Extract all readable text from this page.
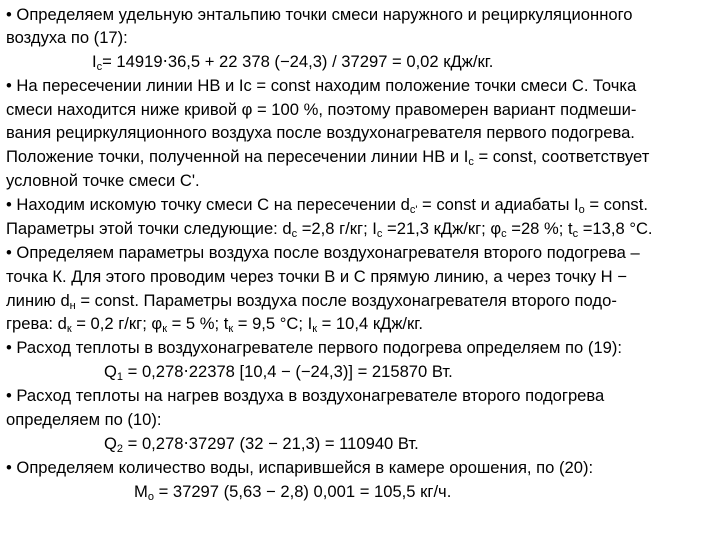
• Определяем удельную энтальпию точки смеси наружного и рециркуляционного
воздуха по (17):
$I_c= 14919\cdot 36,5 + 22$ 378 (−24,3) / 37297 = 0,02 кДж/кг.
• На пересечении линии НВ и Ic = const находим положение точки смеси С. Точка
смеси находится ниже кривой φ = 100 %, поэтому правомерен вариант подмеши-
вания рециркуляционного воздуха после воздухонагревателя первого подогрева.
Положение точки, полученной на пересечении линии НВ и $I_с$ = const, соответствует
условной точке смеси С'.
• Находим искомую точку смеси С на пересечении $d_{c'}$ = const и адиабаты $I_о$ = const.
Параметры этой точки следующие: $d_c =2,8$ г/кг; $I_c =21,3$ кДж/кг; $\varphi_c =28$ %; $t_c =13,8$ °С.
• Определяем параметры воздуха после воздухонагревателя второго подогрева –
точка К. Для этого проводим через точки В и С прямую линию, а через точку Н −
линию $d_н$ = const. Параметры воздуха после воздухонагревателя второго подо-
грева: $d_к = 0,2$ г/кг; $\varphi_к = 5$ %; $t_к = 9,5$ °С; $I_к = 10,4$ кДж/кг.
• Расход теплоты в воздухонагревателе первого подогрева определяем по (19):
$Q_1 = 0,278\cdot 22378$ [10,4 − (−24,3)] = 215870 Вт.
• Расход теплоты на нагрев воздуха в воздухонагревателе второго подогрева
определяем по (10):
$Q_2 = 0,278\cdot 37297$ (32 − 21,3) = 110940 Вт.
• Определяем количество воды, испарившейся в камере орошения, по (20):
$M_o = 37297$ (5,63 − 2,8) 0,001 = 105,5 кг/ч.
